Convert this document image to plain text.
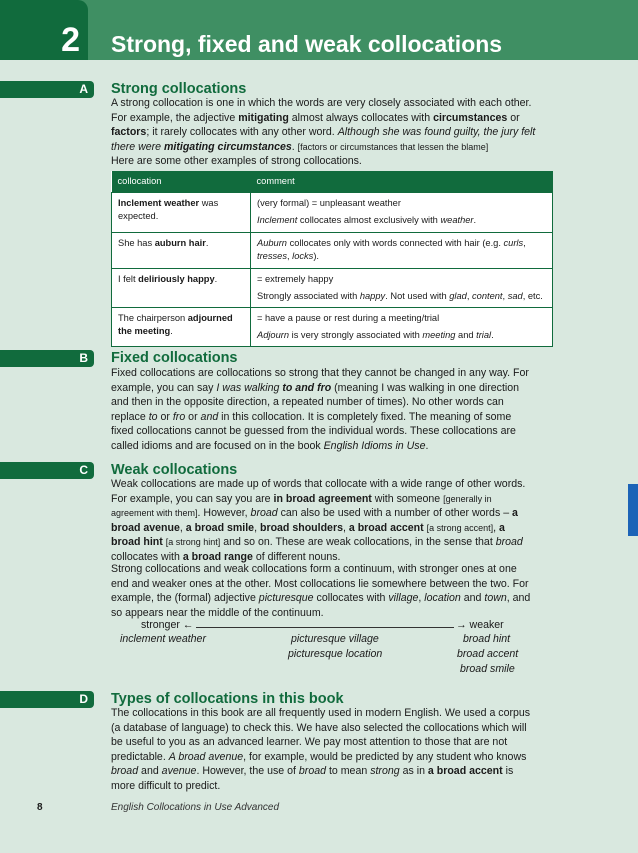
2	Strong, fixed and weak collocations
A	Strong collocations

A strong collocation is one in which the words are very closely associated with each other. For example, the adjective mitigating almost always collocates with circumstances or factors; it rarely collocates with any other word. Although she was found guilty, the jury felt there were mitigating circumstances. [factors or circumstances that lessen the blame]
Here are some other examples of strong collocations.

collocation	comment
Inclement weather was expected.	(very formal) = unpleasant weather
Inclement collocates almost exclusively with weather.

She has auburn hair.	Auburn collocates only with words connected with hair (e.g. curls, tresses, locks).
I felt deliriously happy.	= extremely happy
Strongly associated with happy. Not used with glad, content, sad, etc.

The chairperson adjourned the meeting.	= have a pause or rest during a meeting/trial
Adjourn is very strongly associated with meeting and trial.
B	Fixed collocations

Fixed collocations are collocations so strong that they cannot be changed in any way. For example, you can say I was walking to and fro (meaning I was walking in one direction and then in the opposite direction, a repeated number of times). No other words can replace to or fro or and in this collocation. It is completely fixed. The meaning of some fixed collocations cannot be guessed from the individual words. These collocations are called idioms and are focused on in the book English Idioms in Use.

C	Weak collocations

Weak collocations are made up of words that collocate with a wide range of other words. For example, you can say you are in broad agreement with someone [generally in agreement with them]. However, broad can also be used with a number of other words – a broad avenue, a broad smile, broad shoulders, a broad accent [a strong accent], a broad hint [a strong hint] and so on. These are weak collocations, in the sense that broad collocates with a broad range of different nouns.

Strong collocations and weak collocations form a continuum, with stronger ones at one end and weaker ones at the other. Most collocations lie somewhere between the two. For example, the (formal) adjective picturesque collocates with village, location and town, and so appears near the middle of the continuum.

stronger ←	→ weaker
inclement weather	picturesque village
picturesque location
broad hint
broad accent
broad smile
D	Types of collocations in this book

The collocations in this book are all frequently used in modern English. We used a corpus (a database of language) to check this. We have also selected the collocations which will be useful to you as an advanced learner. We pay most attention to those that are not predictable. A broad avenue, for example, would be predicted by any student who knows broad and avenue. However, the use of broad to mean strong as in a broad accent is more difficult to predict.

8	English Collocations in Use Advanced
